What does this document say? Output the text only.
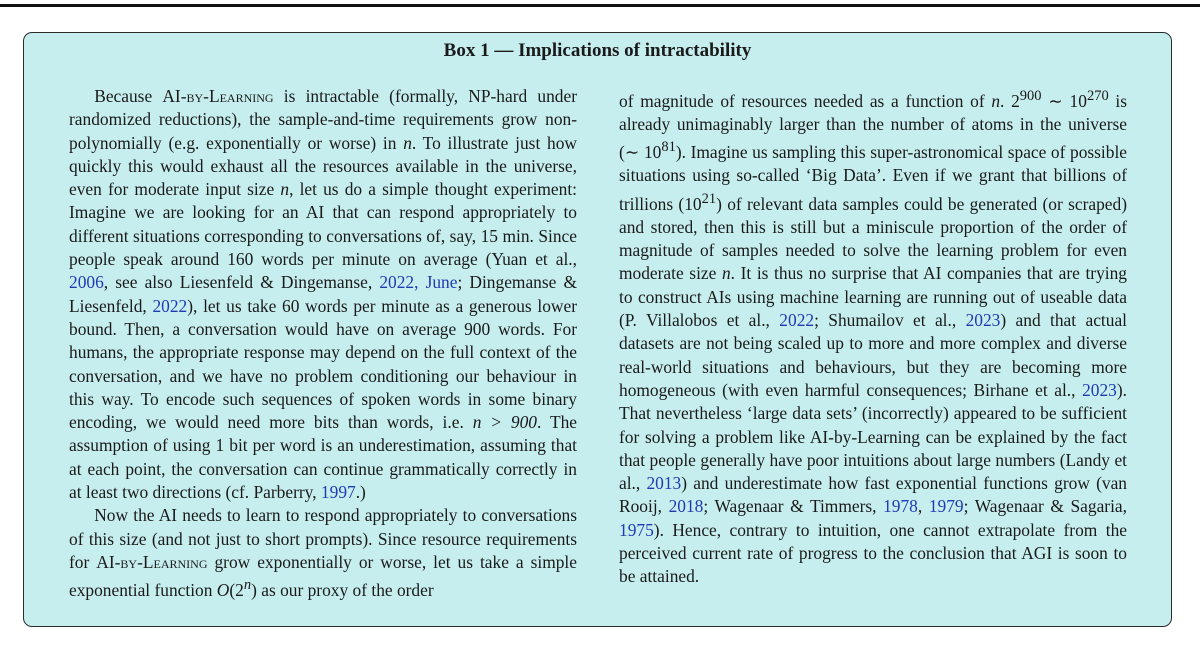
Box 1 — Implications of intractability

Because AI-by-Learning is intractable (formally, NP-hard under randomized reductions), the sample-and-time requirements grow non-polynomially (e.g. exponentially or worse) in n. To illustrate just how quickly this would exhaust all the resources available in the universe, even for moderate input size n, let us do a simple thought experiment: Imagine we are looking for an AI that can respond appropriately to different situations corresponding to conversations of, say, 15 min. Since people speak around 160 words per minute on average (Yuan et al., 2006, see also Liesenfeld & Dingemanse, 2022, June; Dingemanse & Liesenfeld, 2022), let us take 60 words per minute as a generous lower bound. Then, a conversation would have on average 900 words. For humans, the appropriate response may depend on the full context of the conversation, and we have no problem conditioning our behaviour in this way. To encode such sequences of spoken words in some binary encoding, we would need more bits than words, i.e. n > 900. The assumption of using 1 bit per word is an underestimation, assuming that at each point, the conversation can continue grammatically correctly in at least two directions (cf. Parberry, 1997.)

Now the AI needs to learn to respond appropriately to conversations of this size (and not just to short prompts). Since resource requirements for AI-by-Learning grow exponentially or worse, let us take a simple exponential function O(2$^n$) as our proxy of the order

of magnitude of resources needed as a function of n. $2^{900}$ ∼ $10^{270}$ is already unimaginably larger than the number of atoms in the universe (∼ $10^{81}$). Imagine us sampling this super-astronomical space of possible situations using so-called ‘Big Data’. Even if we grant that billions of trillions $(10^{21})$ of relevant data samples could be generated (or scraped) and stored, then this is still but a miniscule proportion of the order of magnitude of samples needed to solve the learning problem for even moderate size n. It is thus no surprise that AI companies that are trying to construct AIs using machine learning are running out of useable data (P. Villalobos et al., 2022; Shumailov et al., 2023) and that actual datasets are not being scaled up to more and more complex and diverse real-world situations and behaviours, but they are becoming more homogeneous (with even harmful consequences; Birhane et al., 2023). That nevertheless ‘large data sets’ (incorrectly) appeared to be sufficient for solving a problem like AI-by-Learning can be explained by the fact that people generally have poor intuitions about large numbers (Landy et al., 2013) and underestimate how fast exponential functions grow (van Rooij, 2018; Wagenaar & Timmers, 1978, 1979; Wagenaar & Sagaria, 1975). Hence, contrary to intuition, one cannot extrapolate from the perceived current rate of progress to the conclusion that AGI is soon to be attained.
